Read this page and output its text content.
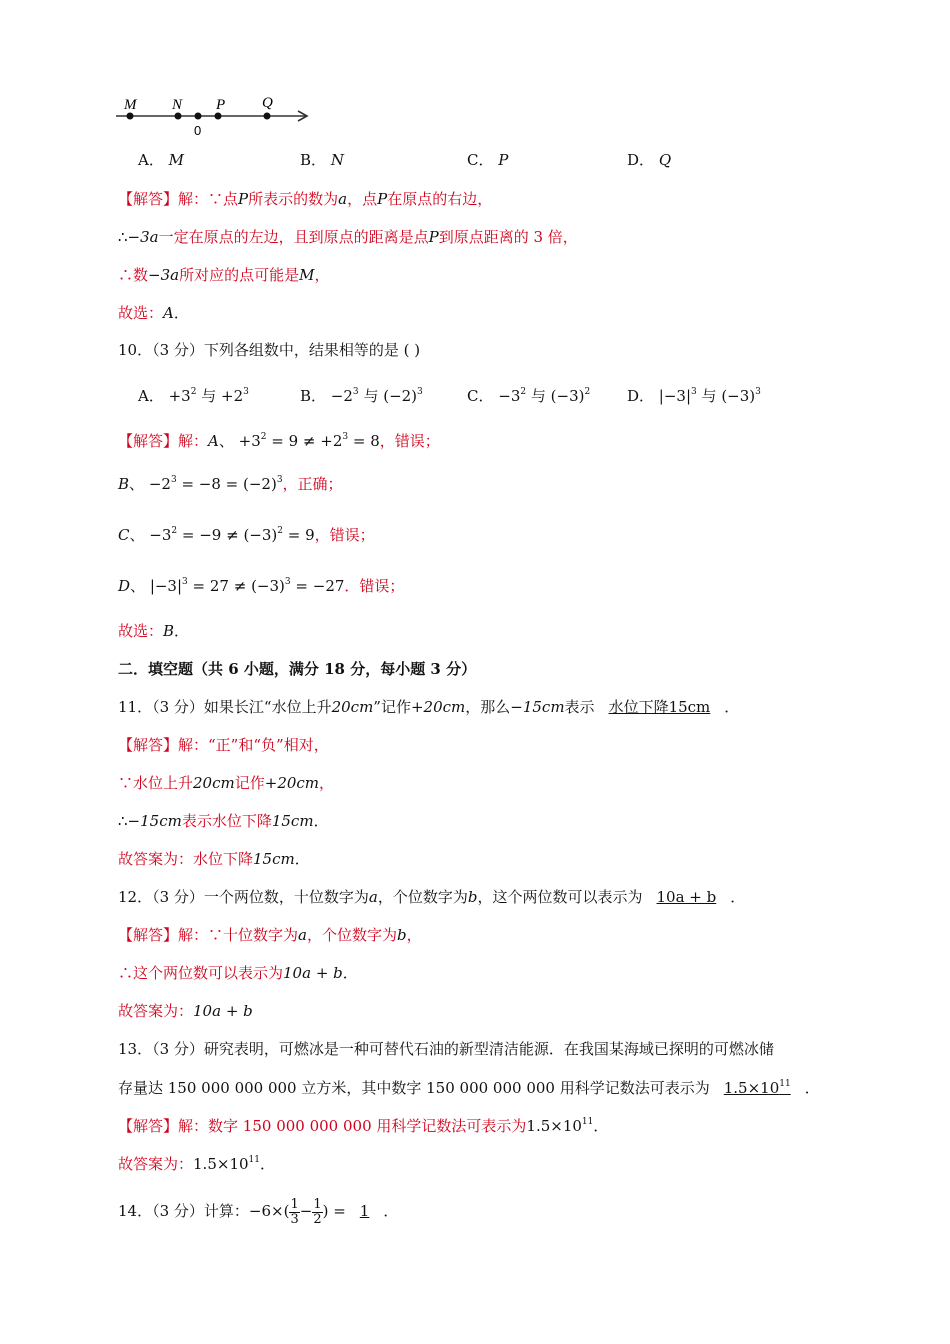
M N P Q
0
A． M	B． N	C． P	D． Q
【解答】解：∵点P所表示的数为a，点P在原点的右边，
∴−3a一定在原点的左边，且到原点的距离是点P到原点距离的 3 倍，
∴数−3a所对应的点可能是M，
故选：A．
10．（3 分）下列各组数中，结果相等的是 ( )
A． $+3^2$ 与 $+2^3$	B． $-2^3$ 与 $(-2)^3$	C． $-3^2$ 与 $(-3)^2$ D． $|-3|^3$ 与 $(-3)^3$
【解答】解：A、 $+3^2 = 9 \ne +2^3 = 8$，错误；
B、 $-2^3 = -8 = (-2)^3$，正确；
C、 $-3^2 = -9 \ne (-3)^2 = 9$，错误；
D、 $|-3|^3 = 27 \ne (-3)^3 = -27$．错误；
故选：B．
二．填空题（共 6 小题，满分 18 分，每小题 3 分）
11．（3 分）如果长江“水位上升20cm”记作+20cm，那么−15cm表示 水位下降15cm ．
【解答】解：“正”和“负”相对，
∵水位上升20cm记作+20cm，
∴−15cm表示水位下降15cm．
故答案为：水位下降15cm．
12．（3 分）一个两位数，十位数字为a，个位数字为b，这个两位数可以表示为 10a + b ．
【解答】解：∵十位数字为a，个位数字为b，
∴这个两位数可以表示为10a + b．
故答案为：10a + b
13．（3 分）研究表明，可燃冰是一种可替代石油的新型清洁能源．在我国某海域已探明的可燃冰储
存量达 150 000 000 000 立方米，其中数字 150 000 000 000 用科学记数法可表示为 $1.5\times 10^{11}$ ．
【解答】解：数字 150 000 000 000 用科学记数法可表示为$1.5\times 10^{11}$．
故答案为：$1.5\times 10^{11}$．
14．（3 分）计算：$-6\times( \frac{1}{3} - \frac{1}{2}$ ) = 1 ．
